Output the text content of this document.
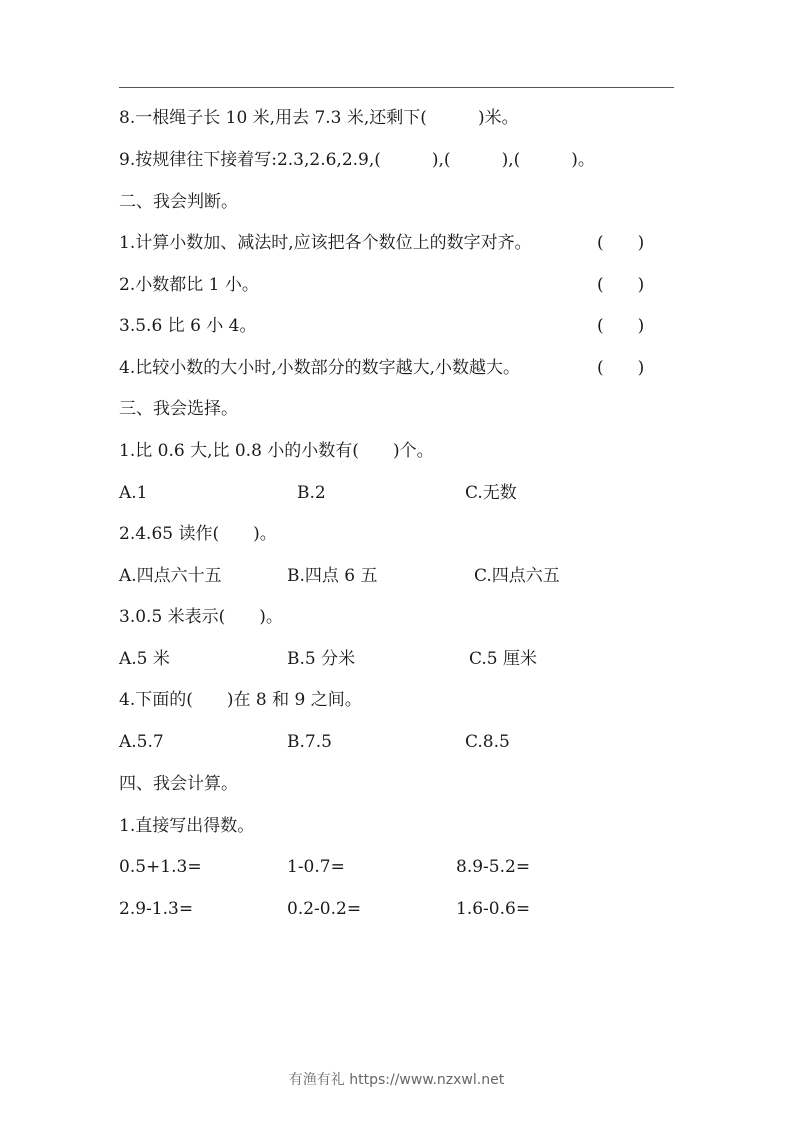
8.一根绳子长 10 米,用去 7.3 米,还剩下(　　　)米。
9.按规律往下接着写:2.3,2.6,2.9,(　　　),(　　　),(　　　)。
二、我会判断。
1.计算小数加、减法时,应该把各个数位上的数字对齐。	(　　)
2.小数都比 1 小。	(　　)
3.5.6 比 6 小 4。	(　　)
4.比较小数的大小时,小数部分的数字越大,小数越大。	(　　)
三、我会选择。
1.比 0.6 大,比 0.8 小的小数有(　　)个。
A.1	B.2	C.无数
2.4.65 读作(　　)。
A.四点六十五	B.四点 6 五	C.四点六五
3.0.5 米表示(　　)。
A.5 米	B.5 分米	C.5 厘米
4.下面的(　　)在 8 和 9 之间。
A.5.7	B.7.5	C.8.5
四、我会计算。
1.直接写出得数。
0.5+1.3=	1-0.7=	8.9-5.2=
2.9-1.3=	0.2-0.2=	1.6-0.6=
有渔有礼 https://www.nzxwl.net
